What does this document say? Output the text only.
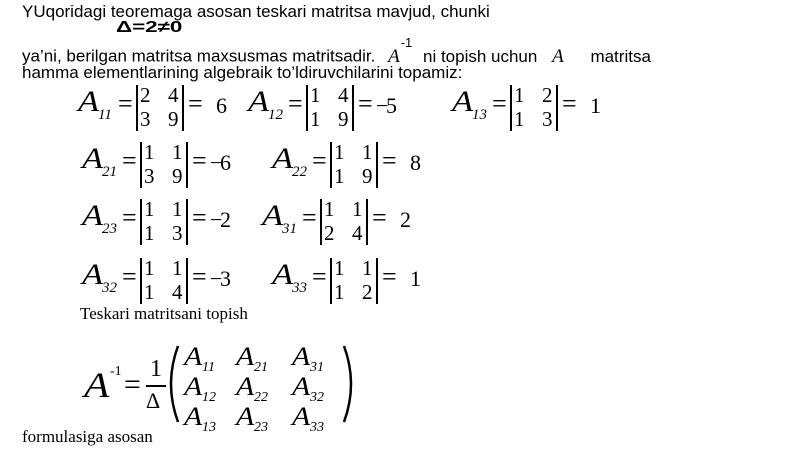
YUqoridagi teoremaga asosan teskari matritsa mavjud, chunki
Δ=2≠0
ya’ni, berilgan matritsa maxsusmas matritsadir. $A^{-1}$ ni topish uchun A matritsa
hamma elementlarining algebraik to’ldiruvchilarini topamiz:
A
11 = 2 4
3 9
= 6 A
12 = 1 4
1 9
= −
5 A
13 = 1 2
1 3
= 1
A
21 = 1 1
3 9
= −
6 A
22 = 1 1
1 9
= 8
A
23 = 1 1
1 3
= −
2 A
31 = 1 1
2 4
= 2
A
32 = 1 1
1 4
= −
3 A
33 = 1 1
1 2
= 1
Teskari matritsani topish
A -1 = 1
Δ
A 11 A 21 A 31
A 12 A 22 A 32
A 13 A 23 A 33
formulasiga asosan
